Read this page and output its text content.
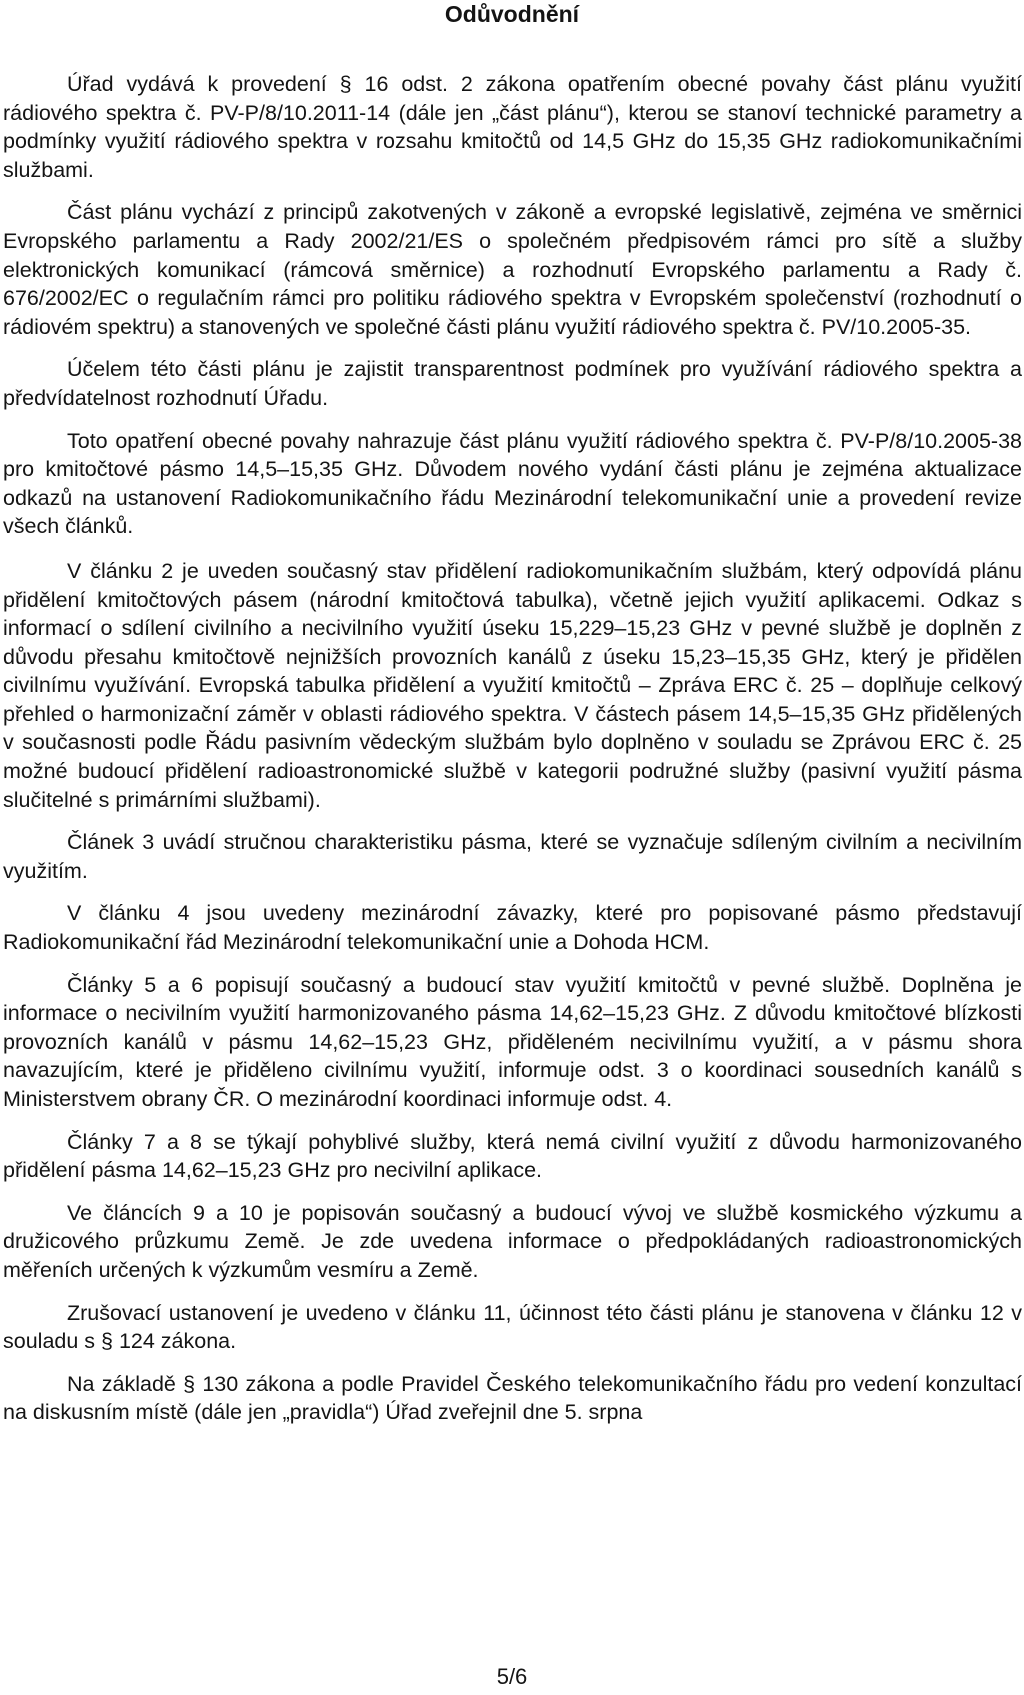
Odůvodnění

Úřad vydává k provedení § 16 odst. 2 zákona opatřením obecné povahy část plánu využití rádiového spektra č. PV-P/8/10.2011-14 (dále jen „část plánu“), kterou se stanoví technické parametry a podmínky využití rádiového spektra v rozsahu kmitočtů od 14,5 GHz do 15,35 GHz radiokomunikačními službami.

Část plánu vychází z principů zakotvených v zákoně a evropské legislativě, zejména ve směrnici Evropského parlamentu a Rady 2002/21/ES o společném předpisovém rámci pro sítě a služby elektronických komunikací (rámcová směrnice) a rozhodnutí Evropského parlamentu a Rady č. 676/2002/EC o regulačním rámci pro politiku rádiového spektra v Evropském společenství (rozhodnutí o rádiovém spektru) a stanovených ve společné části plánu využití rádiového spektra č. PV/10.2005-35.

Účelem této části plánu je zajistit transparentnost podmínek pro využívání rádiového spektra a předvídatelnost rozhodnutí Úřadu.

Toto opatření obecné povahy nahrazuje část plánu využití rádiového spektra č. PV-P/8/10.2005-38 pro kmitočtové pásmo 14,5–15,35 GHz. Důvodem nového vydání části plánu je zejména aktualizace odkazů na ustanovení Radiokomunikačního řádu Mezinárodní telekomunikační unie a provedení revize všech článků.

V článku 2 je uveden současný stav přidělení radiokomunikačním službám, který odpovídá plánu přidělení kmitočtových pásem (národní kmitočtová tabulka), včetně jejich využití aplikacemi. Odkaz s informací o sdílení civilního a necivilního využití úseku 15,229–15,23 GHz v pevné službě je doplněn z důvodu přesahu kmitočtově nejnižších provozních kanálů z úseku 15,23–15,35 GHz, který je přidělen civilnímu využívání. Evropská tabulka přidělení a využití kmitočtů – Zpráva ERC č. 25 – doplňuje celkový přehled o harmonizační záměr v oblasti rádiového spektra. V částech pásem 14,5–15,35 GHz přidělených v současnosti podle Řádu pasivním vědeckým službám bylo doplněno v souladu se Zprávou ERC č. 25 možné budoucí přidělení radioastronomické službě v kategorii podružné služby (pasivní využití pásma slučitelné s primárními službami).

Článek 3 uvádí stručnou charakteristiku pásma, které se vyznačuje sdíleným civilním a necivilním využitím.

V článku 4 jsou uvedeny mezinárodní závazky, které pro popisované pásmo představují Radiokomunikační řád Mezinárodní telekomunikační unie a Dohoda HCM.

Články 5 a 6 popisují současný a budoucí stav využití kmitočtů v pevné službě. Doplněna je informace o necivilním využití harmonizovaného pásma 14,62–15,23 GHz. Z důvodu kmitočtové blízkosti provozních kanálů v pásmu 14,62–15,23 GHz, přiděleném necivilnímu využití, a v pásmu shora navazujícím, které je přiděleno civilnímu využití, informuje odst. 3 o koordinaci sousedních kanálů s Ministerstvem obrany ČR. O mezinárodní koordinaci informuje odst. 4.

Články 7 a 8 se týkají pohyblivé služby, která nemá civilní využití z důvodu harmonizovaného přidělení pásma 14,62–15,23 GHz pro necivilní aplikace.

Ve článcích 9 a 10 je popisován současný a budoucí vývoj ve službě kosmického výzkumu a družicového průzkumu Země. Je zde uvedena informace o předpokládaných radioastronomických měřeních určených k výzkumům vesmíru a Země.

Zrušovací ustanovení je uvedeno v článku 11, účinnost této části plánu je stanovena v článku 12 v souladu s § 124 zákona.

Na základě § 130 zákona a podle Pravidel Českého telekomunikačního řádu pro vedení konzultací na diskusním místě (dále jen „pravidla“) Úřad zveřejnil dne 5. srpna

5/6
